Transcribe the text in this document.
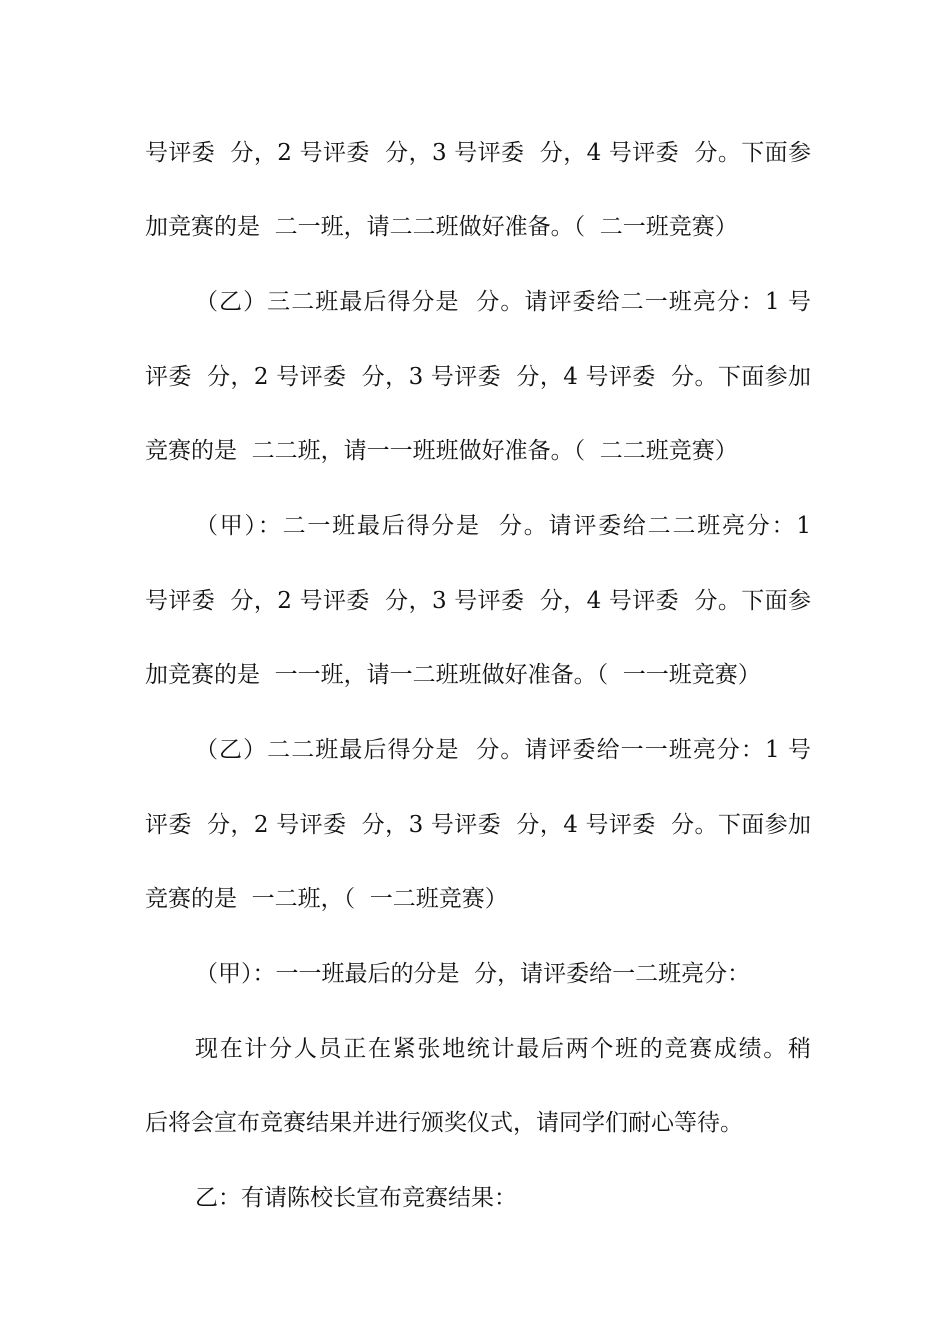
号评委  分，2 号评委  分，3 号评委  分，4 号评委  分。下面参
加竞赛的是  二一班，请二二班做好准备。（  二一班竞赛）
（乙）三二班最后得分是  分。请评委给二一班亮分：1 号
评委  分，2 号评委  分，3 号评委  分，4 号评委  分。下面参加
竞赛的是  二二班，请一一班班做好准备。（  二二班竞赛）
（甲）：二一班最后得分是  分。请评委给二二班亮分：1
号评委  分，2 号评委  分，3 号评委  分，4 号评委  分。下面参
加竞赛的是  一一班，请一二班班做好准备。（  一一班竞赛）
（乙）二二班最后得分是  分。请评委给一一班亮分：1 号
评委  分，2 号评委  分，3 号评委  分，4 号评委  分。下面参加
竞赛的是  一二班，（  一二班竞赛）
（甲）：一一班最后的分是  分，请评委给一二班亮分：
现在计分人员正在紧张地统计最后两个班的竞赛成绩。稍
后将会宣布竞赛结果并进行颁奖仪式，请同学们耐心等待。
乙：有请陈校长宣布竞赛结果：
